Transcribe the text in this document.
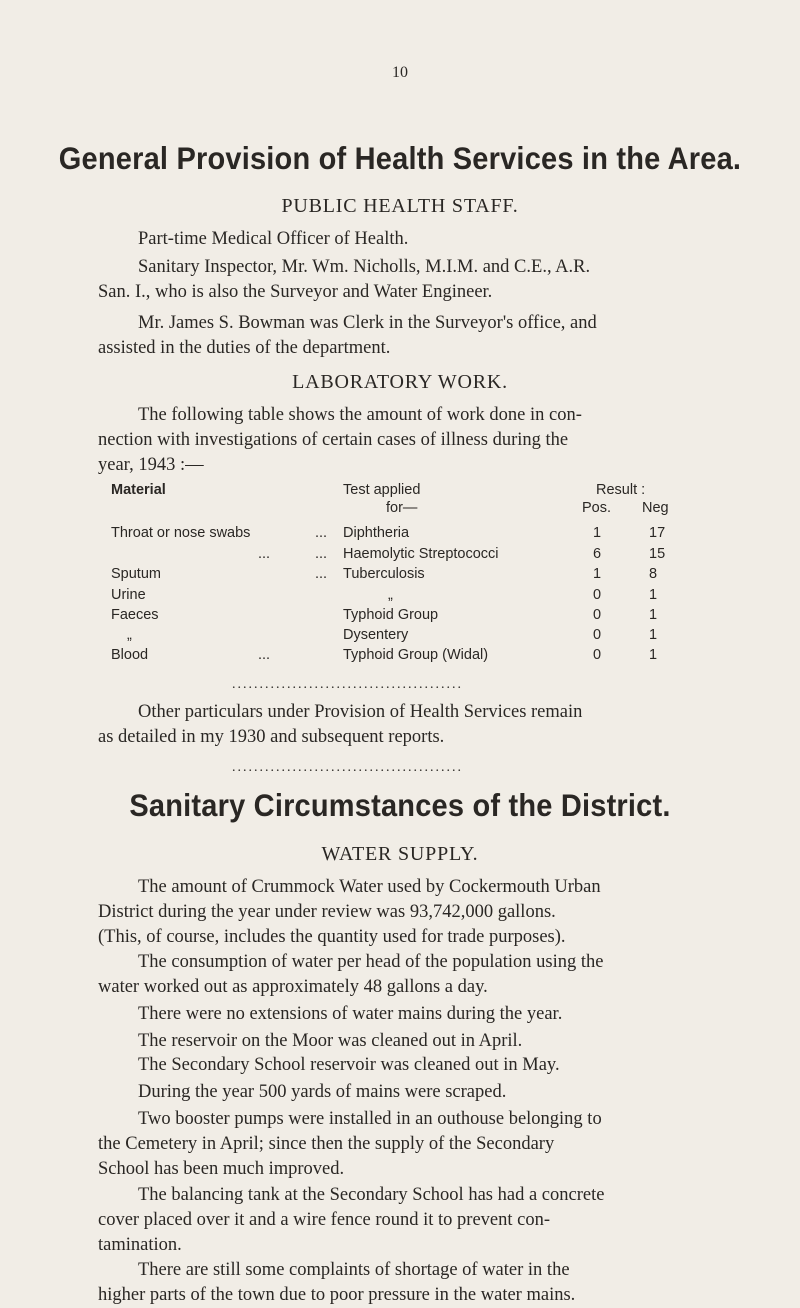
10
General Provision of Health Services in the Area.
PUBLIC HEALTH STAFF.
Part-time Medical Officer of Health.
Sanitary Inspector, Mr. Wm. Nicholls, M.I.M. and C.E., A.R.
San. I., who is also the Surveyor and Water Engineer.
Mr. James S. Bowman was Clerk in the Surveyor's office, and
assisted in the duties of the department.
LABORATORY WORK.
The following table shows the amount of work done in con-
nection with investigations of certain cases of illness during the
year, 1943 :—
Material	Test applied
for—
Result :
Pos. Neg
Throat or nose swabs	... Diphtheria	1	17
...	... Haemolytic Streptococci	6	15
Sputum	... Tuberculosis	1	8
Urine	„	0	1
Faeces	Typhoid Group	0	1
„	Dysentery	0	1
Blood	...	Typhoid Group (Widal)	0	1
..........................................
Other particulars under Provision of Health Services remain
as detailed in my 1930 and subsequent reports.
..........................................
Sanitary Circumstances of the District.
WATER SUPPLY.
The amount of Crummock Water used by Cockermouth Urban
District during the year under review was 93,742,000 gallons.
(This, of course, includes the quantity used for trade purposes).
The consumption of water per head of the population using the
water worked out as approximately 48 gallons a day.
There were no extensions of water mains during the year.
The reservoir on the Moor was cleaned out in April.
The Secondary School reservoir was cleaned out in May.
During the year 500 yards of mains were scraped.
Two booster pumps were installed in an outhouse belonging to
the Cemetery in April; since then the supply of the Secondary
School has been much improved.
The balancing tank at the Secondary School has had a concrete
cover placed over it and a wire fence round it to prevent con-
tamination.
There are still some complaints of shortage of water in the
higher parts of the town due to poor pressure in the water mains.
